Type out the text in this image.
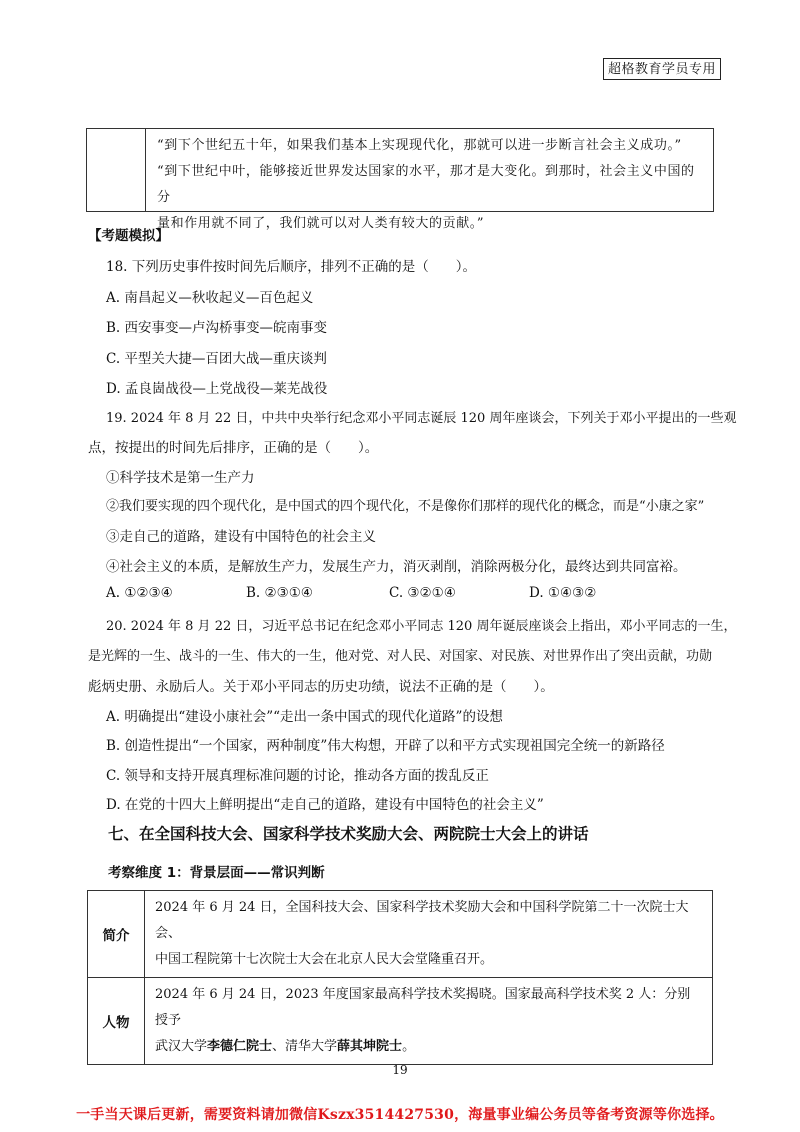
超格教育学员专用
“到下个世纪五十年，如果我们基本上实现现代化，那就可以进一步断言社会主义成功。”
“到下世纪中叶，能够接近世界发达国家的水平，那才是大变化。到那时，社会主义中国的分
量和作用就不同了，我们就可以对人类有较大的贡献。”
【考题模拟】
18. 下列历史事件按时间先后顺序，排列不正确的是（　　）。
A. 南昌起义—秋收起义—百色起义
B. 西安事变—卢沟桥事变—皖南事变
C. 平型关大捷—百团大战—重庆谈判
D. 孟良崮战役—上党战役—莱芜战役
19. 2024 年 8 月 22 日，中共中央举行纪念邓小平同志诞辰 120 周年座谈会，下列关于邓小平提出的一些观
点，按提出的时间先后排序，正确的是（　　）。
①科学技术是第一生产力
②我们要实现的四个现代化，是中国式的四个现代化，不是像你们那样的现代化的概念，而是“小康之家”
③走自己的道路，建设有中国特色的社会主义
④社会主义的本质，是解放生产力，发展生产力，消灭剥削，消除两极分化，最终达到共同富裕。
A. ①②③④	B. ②③①④	C. ③②①④	D. ①④③②
20. 2024 年 8 月 22 日，习近平总书记在纪念邓小平同志 120 周年诞辰座谈会上指出，邓小平同志的一生，
是光辉的一生、战斗的一生、伟大的一生，他对党、对人民、对国家、对民族、对世界作出了突出贡献，功勋
彪炳史册、永励后人。关于邓小平同志的历史功绩，说法不正确的是（　　）。
A. 明确提出“建设小康社会”“走出一条中国式的现代化道路”的设想
B. 创造性提出“一个国家，两种制度”伟大构想，开辟了以和平方式实现祖国完全统一的新路径
C. 领导和支持开展真理标准问题的讨论，推动各方面的拨乱反正
D. 在党的十四大上鲜明提出“走自己的道路，建设有中国特色的社会主义”
七、在全国科技大会、国家科学技术奖励大会、两院院士大会上的讲话
考察维度 1：背景层面——常识判断
简介	2024 年 6 月 24 日，全国科技大会、国家科学技术奖励大会和中国科学院第二十一次院士大会、
中国工程院第十七次院士大会在北京人民大会堂隆重召开。

人物	2024 年 6 月 24 日，2023 年度国家最高科学技术奖揭晓。国家最高科学技术奖 2 人：分别授予
武汉大学李德仁院士、清华大学薛其坤院士。
19
一手当天课后更新，需要资料请加微信Kszx3514427530，海量事业编公务员等备考资源等你选择。
